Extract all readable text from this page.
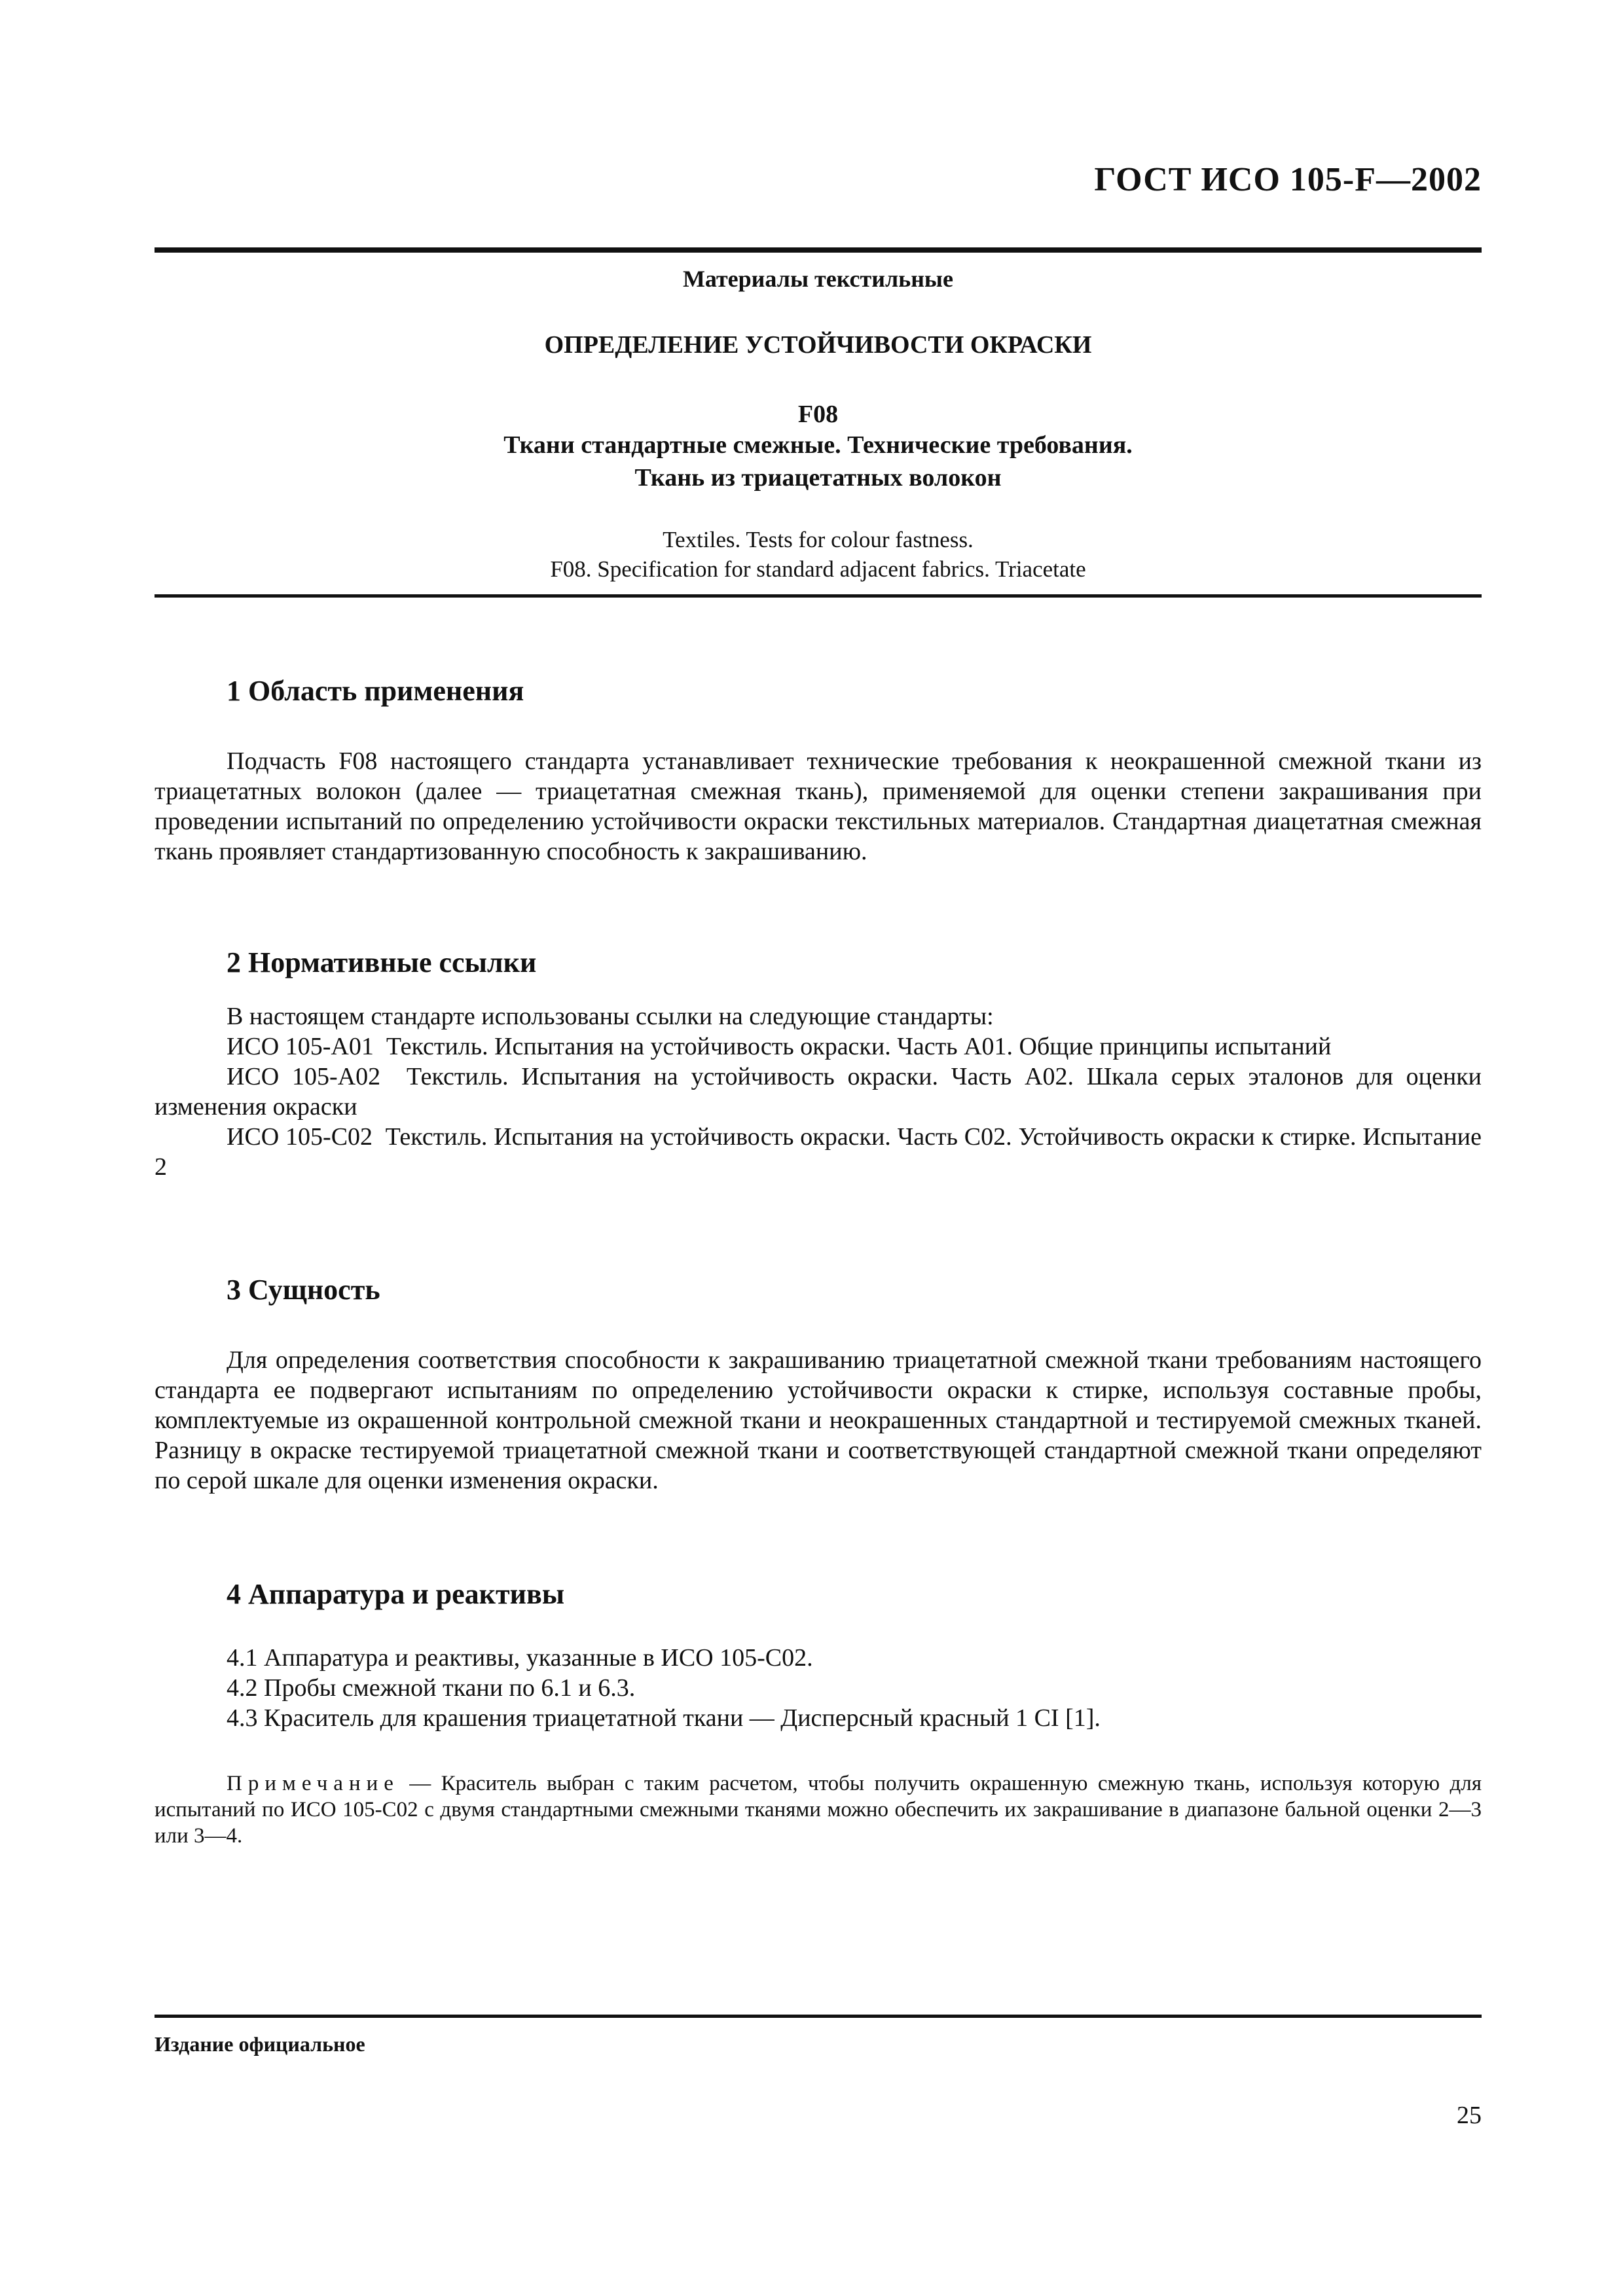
ГОСТ ИСО 105-F—2002
Материалы текстильные
ОПРЕДЕЛЕНИЕ УСТОЙЧИВОСТИ ОКРАСКИ
F08
Ткани стандартные смежные. Технические требования.
Ткань из триацетатных волокон
Textiles. Tests for colour fastness.
F08. Specification for standard adjacent fabrics. Triacetate
1 Область применения

Подчасть F08 настоящего стандарта устанавливает технические требования к неокрашенной смежной ткани из триацетатных волокон (далее — триацетатная смежная ткань), применяемой для оценки степени закрашивания при проведении испытаний по определению устойчивости окраски текстильных материалов. Стандартная диацетатная смежная ткань проявляет стандартизованную способность к закрашиванию.

2 Нормативные ссылки
В настоящем стандарте использованы ссылки на следующие стандарты:

ИСО 105-А01 Текстиль. Испытания на устойчивость окраски. Часть А01. Общие принципы испытаний

ИСО 105-А02 Текстиль. Испытания на устойчивость окраски. Часть А02. Шкала серых эталонов для оценки изменения окраски

ИСО 105-С02 Текстиль. Испытания на устойчивость окраски. Часть С02. Устойчивость окраски к стирке. Испытание 2

3 Сущность

Для определения соответствия способности к закрашиванию триацетатной смежной ткани требованиям настоящего стандарта ее подвергают испытаниям по определению устойчивости окраски к стирке, используя составные пробы, комплектуемые из окрашенной контрольной смежной ткани и неокрашенных стандартной и тестируемой смежных тканей. Разницу в окраске тестируемой триацетатной смежной ткани и соответствующей стандартной смежной ткани определяют по серой шкале для оценки изменения окраски.

4 Аппаратура и реактивы
4.1 Аппаратура и реактивы, указанные в ИСО 105-С02.
4.2 Пробы смежной ткани по 6.1 и 6.3.
4.3 Краситель для крашения триацетатной ткани — Дисперсный красный 1 CI [1].

Примечание — Краситель выбран с таким расчетом, чтобы получить окрашенную смежную ткань, используя которую для испытаний по ИСО 105-С02 с двумя стандартными смежными тканями можно обеспечить их закрашивание в диапазоне бальной оценки 2—3 или 3—4.

Издание официальное
25
